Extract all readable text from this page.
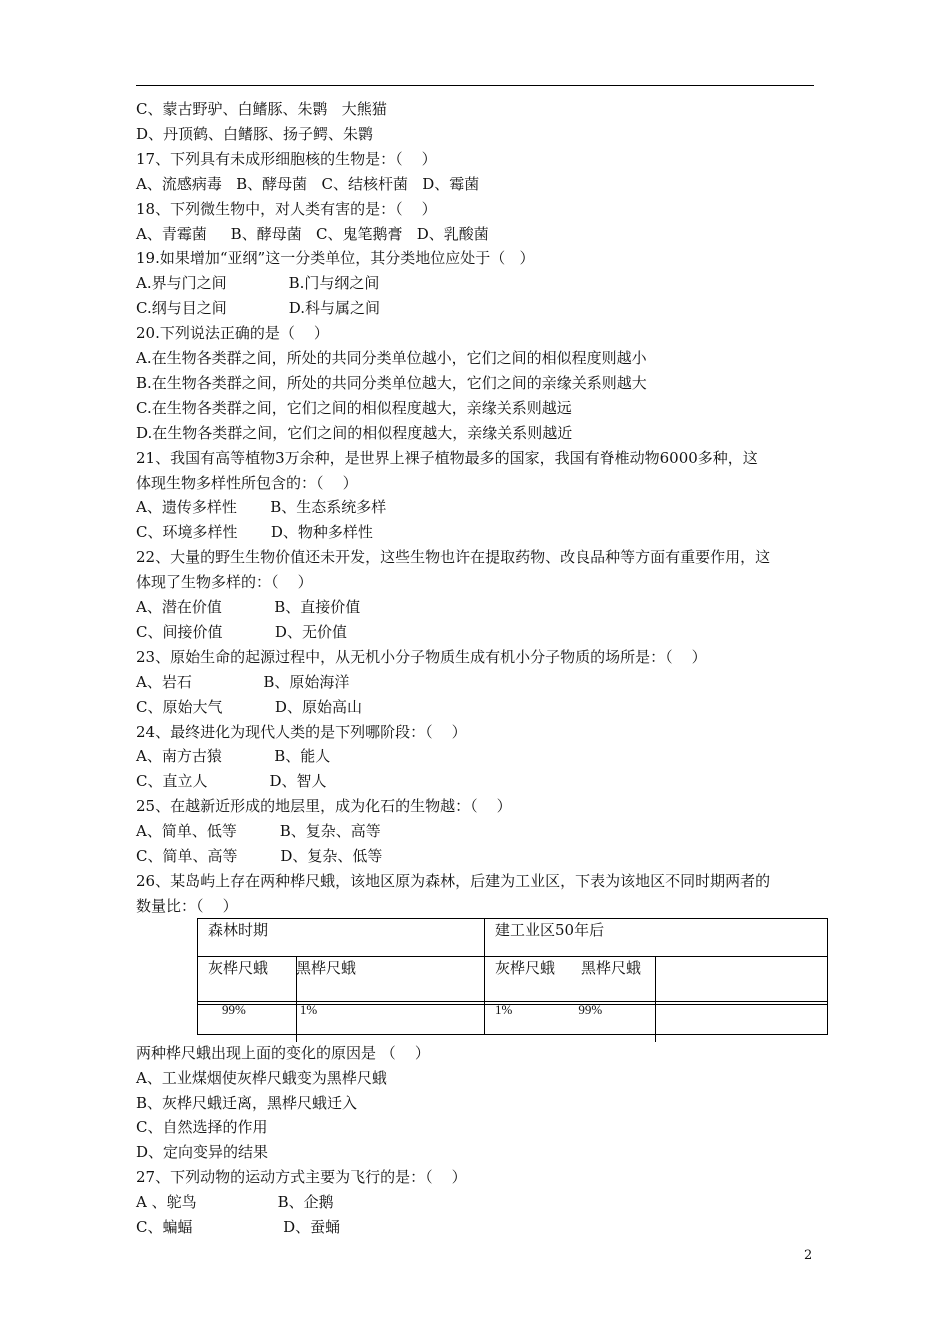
C、蒙古野驴、白鳍豚、朱鹮   大熊猫
D、丹顶鹤、白鳍豚、扬子鳄、朱鹮
17、下列具有未成形细胞核的生物是：（    ）
A、流感病毒   B、酵母菌   C、结核杆菌   D、霉菌
18、下列微生物中，对人类有害的是：（    ）
A、青霉菌     B、酵母菌   C、鬼笔鹅膏   D、乳酸菌
19.如果增加“亚纲”这一分类单位，其分类地位应处于（   ）
A.界与门之间             B.门与纲之间
C.纲与目之间             D.科与属之间
20.下列说法正确的是（    ）
A.在生物各类群之间，所处的共同分类单位越小，它们之间的相似程度则越小
B.在生物各类群之间，所处的共同分类单位越大，它们之间的亲缘关系则越大
C.在生物各类群之间，它们之间的相似程度越大，亲缘关系则越远
D.在生物各类群之间，它们之间的相似程度越大，亲缘关系则越近
21、我国有高等植物3万余种，是世界上裸子植物最多的国家，我国有脊椎动物6000多种，这
体现生物多样性所包含的：（    ）
A、遗传多样性       B、生态系统多样
C、环境多样性       D、物种多样性
22、大量的野生生物价值还未开发，这些生物也许在提取药物、改良品种等方面有重要作用，这
体现了生物多样的：（    ）
A、潜在价值           B、直接价值
C、间接价值           D、无价值
23、原始生命的起源过程中，从无机小分子物质生成有机小分子物质的场所是：（    ）
A、岩石               B、原始海洋
C、原始大气           D、原始高山
24、最终进化为现代人类的是下列哪阶段：（    ）
A、南方古猿           B、能人
C、直立人             D、智人
25、在越新近形成的地层里，成为化石的生物越：（    ）
A、简单、低等         B、复杂、高等
C、简单、高等         D、复杂、低等
26、某岛屿上存在两种桦尺蛾，该地区原为森林，后建为工业区，下表为该地区不同时期两者的
数量比：（    ）
森林时期	建工业区50年后
灰桦尺蛾 黑桦尺蛾	灰桦尺蛾 黑桦尺蛾
99% 1%	1% 99%
两种桦尺蛾出现上面的变化的原因是 （    ）
A、工业煤烟使灰桦尺蛾变为黑桦尺蛾
B、灰桦尺蛾迁离，黑桦尺蛾迁入
C、自然选择的作用
D、定向变异的结果
27、下列动物的运动方式主要为飞行的是：（    ）
A 、鸵鸟                 B、企鹅
C、蝙蝠                   D、蚕蛹
2
